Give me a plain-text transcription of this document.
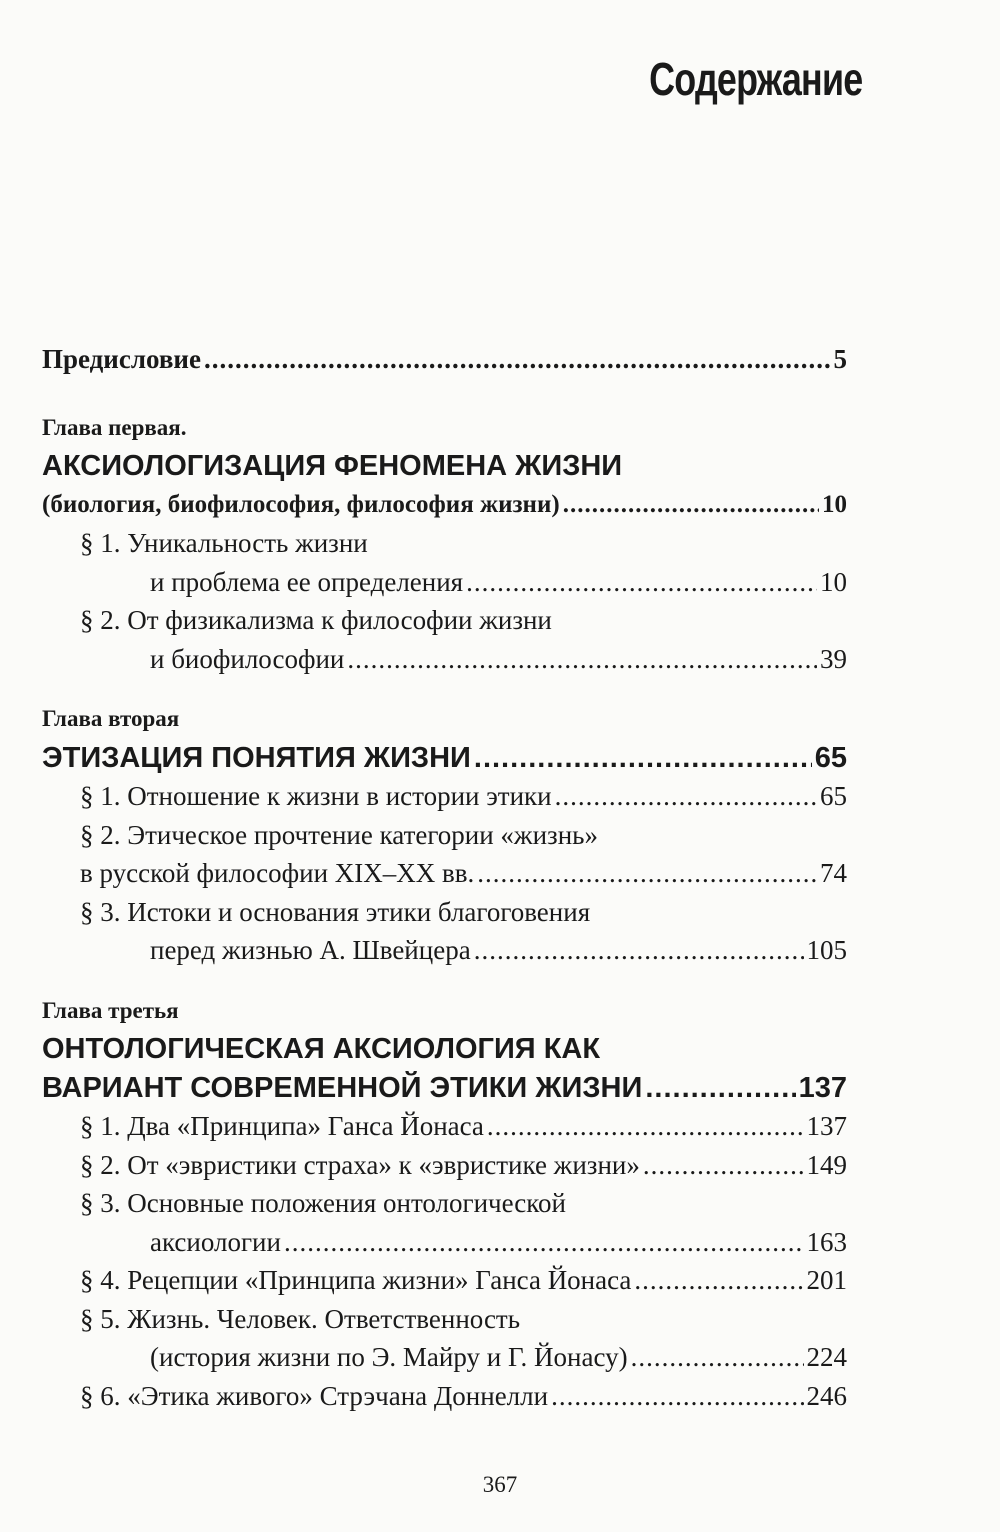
Содержание
Предисловие .....	5
Глава первая.
АКСИОЛОГИЗАЦИЯ ФЕНОМЕНА ЖИЗНИ
(биология, биофилософия, философия жизни) .....	10
§ 1. Уникальность жизни
и проблема ее определения .....	10
§ 2. От физикализма к философии жизни
и биофилософии .....	39
Глава вторая
ЭТИЗАЦИЯ ПОНЯТИЯ ЖИЗНИ .....	65
§ 1. Отношение к жизни в истории этики .....	65
§ 2. Этическое прочтение категории «жизнь»
в русской философии XIX–XX вв. .....	74
§ 3. Истоки и основания этики благоговения
перед жизнью А. Швейцера .....	105
Глава третья
ОНТОЛОГИЧЕСКАЯ АКСИОЛОГИЯ КАК
ВАРИАНТ СОВРЕМЕННОЙ ЭТИКИ ЖИЗНИ .....	137
§ 1. Два «Принципа» Ганса Йонаса .....	137
§ 2. От «эвристики страха» к «эвристике жизни» .....	149
§ 3. Основные положения онтологической
аксиологии .....	163
§ 4. Рецепции «Принципа жизни» Ганса Йонаса .....	201
§ 5. Жизнь. Человек. Ответственность
(история жизни по Э. Майру и Г. Йонасу) .....	224
§ 6. «Этика живого» Стрэчана Доннелли .....	246
367
